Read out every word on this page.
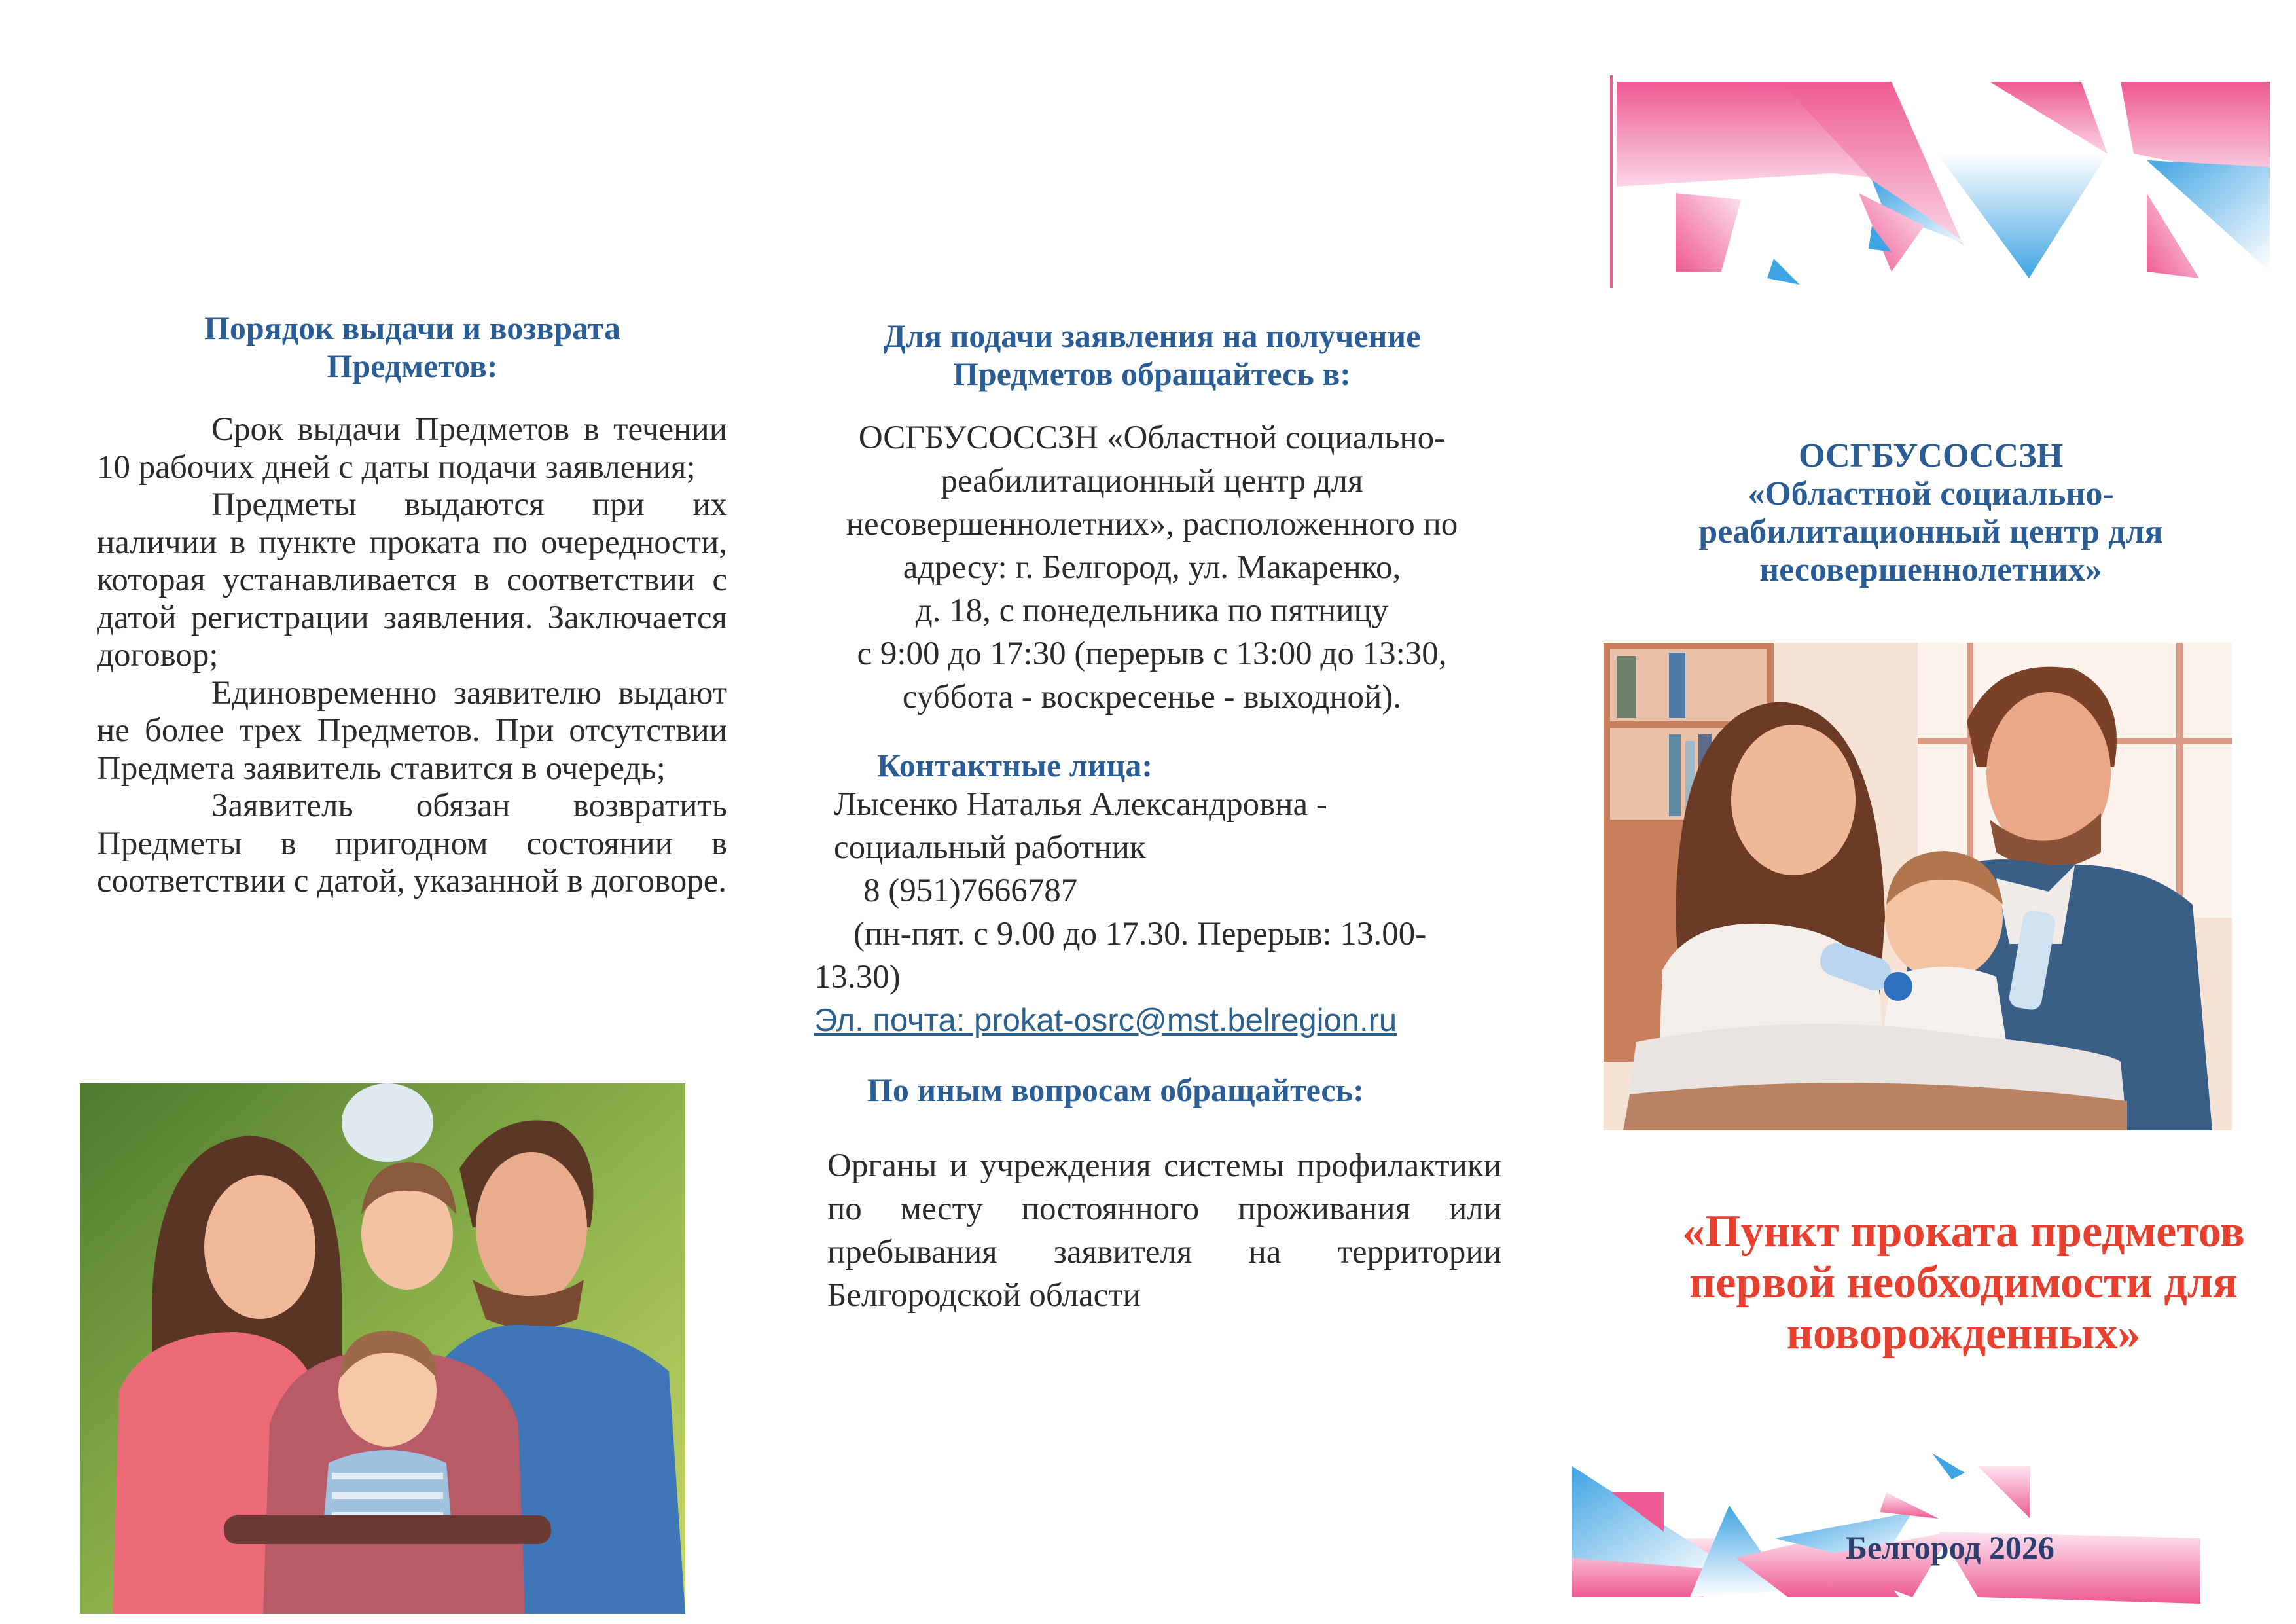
Порядок выдачи и возврата
Предметов:

Срок выдачи Предметов в течении 10 рабочих дней с даты подачи заявления;

Предметы выдаются при их наличии в пункте проката по очередности, которая устанавливается в соответствии с датой регистрации заявления. Заключается договор;

Единовременно заявителю выдают не более трех Предметов. При отсутствии Предмета заявитель ставится в очередь;

Заявитель обязан возвратить Предметы в пригодном состоянии в соответствии с датой, указанной в договоре.

Для подачи заявления на получение
Предметов обращайтесь в:
ОСГБУСОССЗН «Областной социально-
реабилитационный центр для
несовершеннолетних», расположенного по
адресу: г. Белгород, ул. Макаренко,
д. 18, с понедельника по пятницу
с 9:00 до 17:30 (перерыв с 13:00 до 13:30,
суббота - воскресенье - выходной).
Контактные лица:
Лысенко Наталья Александровна -
социальный работник
8 (951)7666787
(пн-пят. с 9.00 до 17.30. Перерыв: 13.00-
13.30)
Эл. почта: prokat-osrc@mst.belregion.ru
По иным вопросам обращайтесь:
Органы и учреждения системы профилактики по месту постоянного проживания или пребывания заявителя на территории Белгородской области
ОСГБУСОССЗН
«Областной социально-
реабилитационный центр для
несовершеннолетних»
«Пункт проката предметов
первой необходимости для
новорожденных»
Белгород 2026
